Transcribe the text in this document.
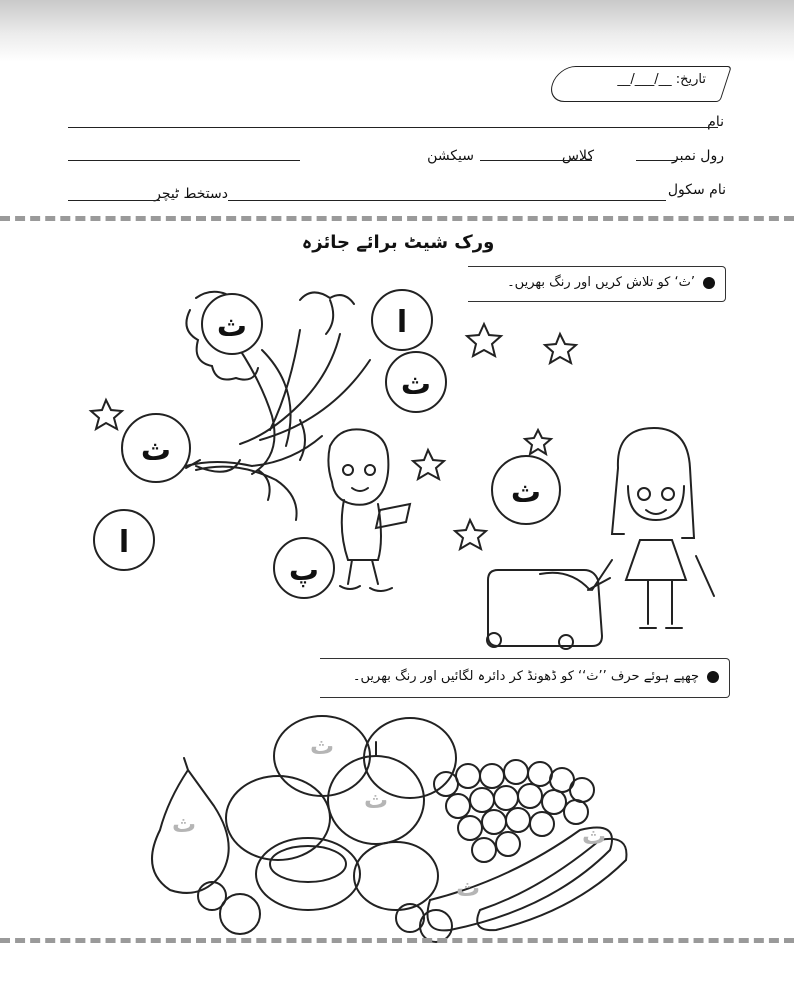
تاریخ: __/___/__
نام
رول نمبر
کلاس
سیکشن
نام سکول
دستخط ٹیچر
ورک شیٹ برائے جائزہ
’ث‘ کو تلاش کریں اور رنگ بھریں۔
ث	ا
ث
ث
ا
پ
ث
چھپے ہوئے حرف ’’ث‘‘ کو ڈھونڈ کر دائرہ لگائیں اور رنگ بھریں۔
ث
ث
ث	ث
ث
